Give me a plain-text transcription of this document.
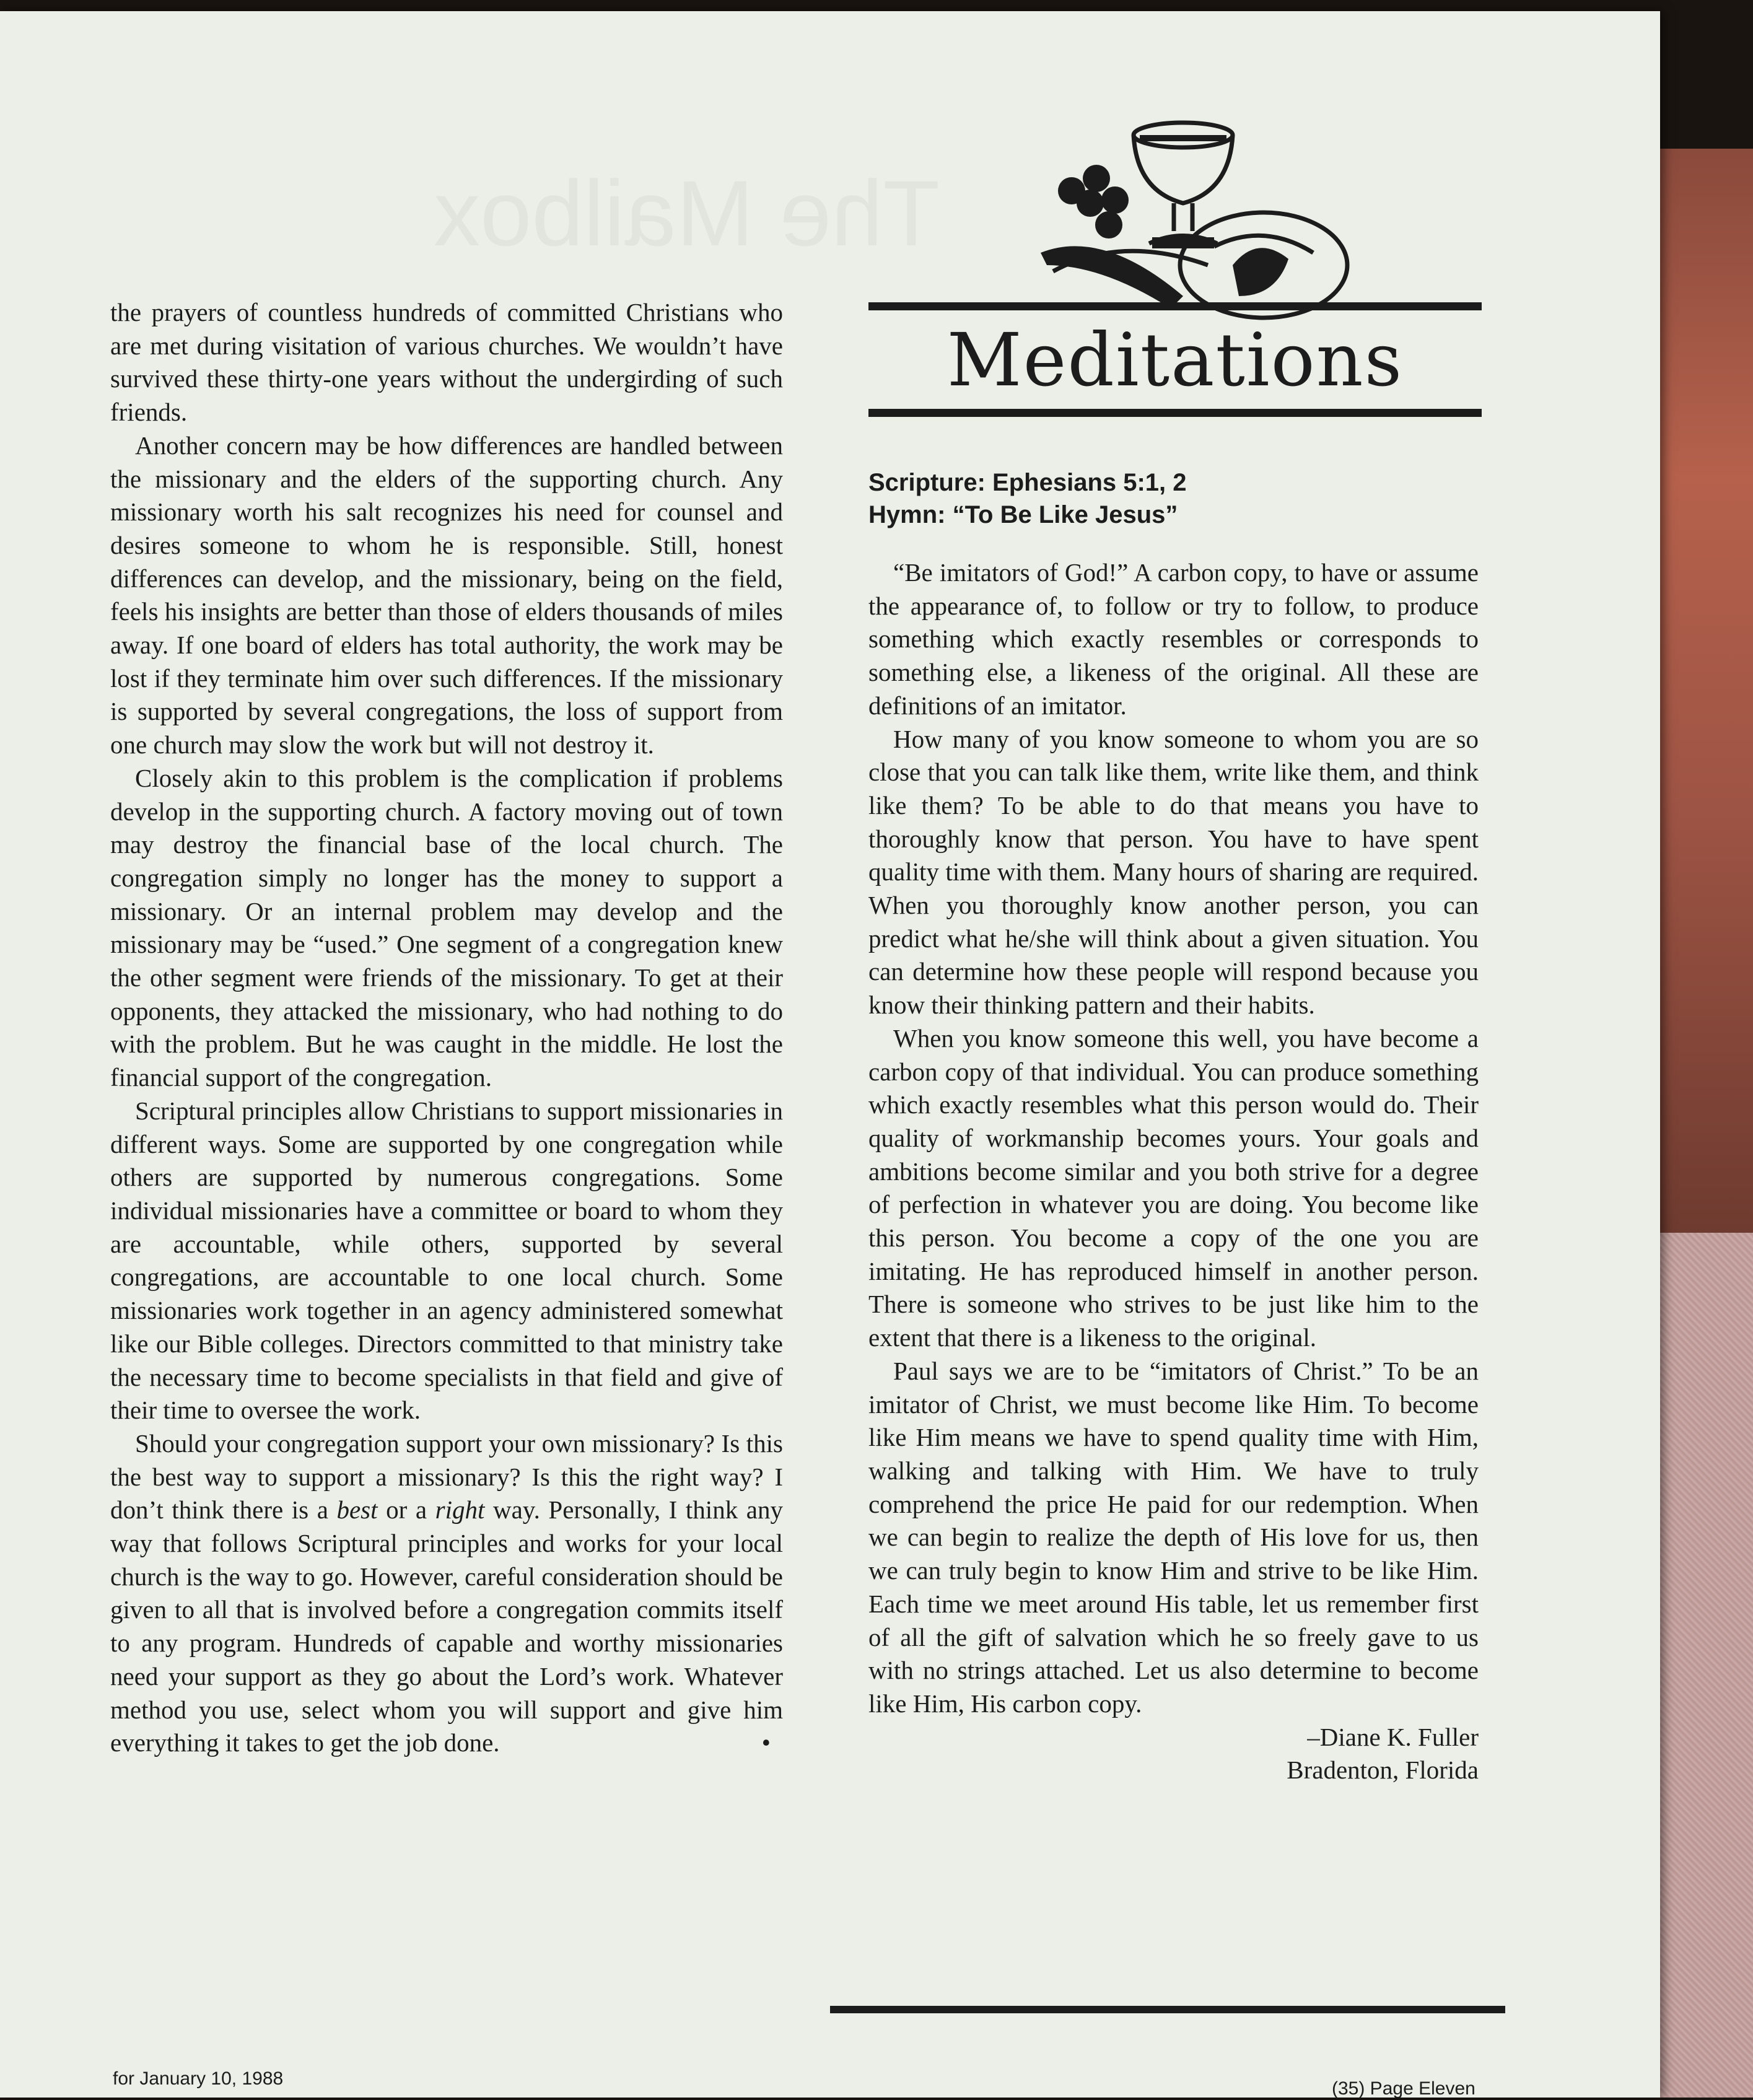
The Mailbox

the prayers of countless hundreds of committed Christians who are met during visitation of various churches. We wouldn’t have survived these thirty-one years without the undergirding of such friends.

Another concern may be how differences are handled between the missionary and the elders of the supporting church. Any missionary worth his salt recognizes his need for counsel and desires someone to whom he is responsible. Still, honest differences can develop, and the missionary, being on the field, feels his insights are better than those of elders thousands of miles away. If one board of elders has total authority, the work may be lost if they terminate him over such differences. If the missionary is supported by several congregations, the loss of support from one church may slow the work but will not destroy it.

Closely akin to this problem is the complication if problems develop in the supporting church. A factory moving out of town may destroy the financial base of the local church. The congregation simply no longer has the money to support a missionary. Or an internal problem may develop and the missionary may be “used.” One segment of a congregation knew the other segment were friends of the missionary. To get at their opponents, they attacked the missionary, who had nothing to do with the problem. But he was caught in the middle. He lost the financial support of the congregation.

Scriptural principles allow Christians to support missionaries in different ways. Some are supported by one congregation while others are supported by numerous congregations. Some individual missionaries have a committee or board to whom they are accountable, while others, supported by several congregations, are accountable to one local church. Some missionaries work together in an agency administered somewhat like our Bible colleges. Directors committed to that ministry take the necessary time to become specialists in that field and give of their time to oversee the work.

Should your congregation support your own missionary? Is this the best way to support a missionary? Is this the right way? I don’t think there is a best or a right way. Personally, I think any way that follows Scriptural principles and works for your local church is the way to go. However, careful consideration should be given to all that is involved before a congregation commits itself to any program. Hundreds of capable and worthy missionaries need your support as they go about the Lord’s work. Whatever method you use, select whom you will support and give him everything it takes to get the job done.	•

Meditations
Scripture: Ephesians 5:1, 2
Hymn: “To Be Like Jesus”

“Be imitators of God!” A carbon copy, to have or assume the appearance of, to follow or try to follow, to produce something which exactly resembles or corresponds to something else, a likeness of the original. All these are definitions of an imitator.

How many of you know someone to whom you are so close that you can talk like them, write like them, and think like them? To be able to do that means you have to thoroughly know that person. You have to have spent quality time with them. Many hours of sharing are required. When you thoroughly know another person, you can predict what he/she will think about a given situation. You can determine how these people will respond because you know their thinking pattern and their habits.

When you know someone this well, you have become a carbon copy of that individual. You can produce something which exactly resembles what this person would do. Their quality of workmanship becomes yours. Your goals and ambitions become similar and you both strive for a degree of perfection in whatever you are doing. You become like this person. You become a copy of the one you are imitating. He has reproduced himself in another person. There is someone who strives to be just like him to the extent that there is a likeness to the original.

Paul says we are to be “imitators of Christ.” To be an imitator of Christ, we must become like Him. To become like Him means we have to spend quality time with Him, walking and talking with Him. We have to truly comprehend the price He paid for our redemption. When we can begin to realize the depth of His love for us, then we can truly begin to know Him and strive to be like Him. Each time we meet around His table, let us remember first of all the gift of salvation which he so freely gave to us with no strings attached. Let us also determine to become like Him, His carbon copy.

–Diane K. Fuller
Bradenton, Florida

for January 10, 1988	(35) Page Eleven
